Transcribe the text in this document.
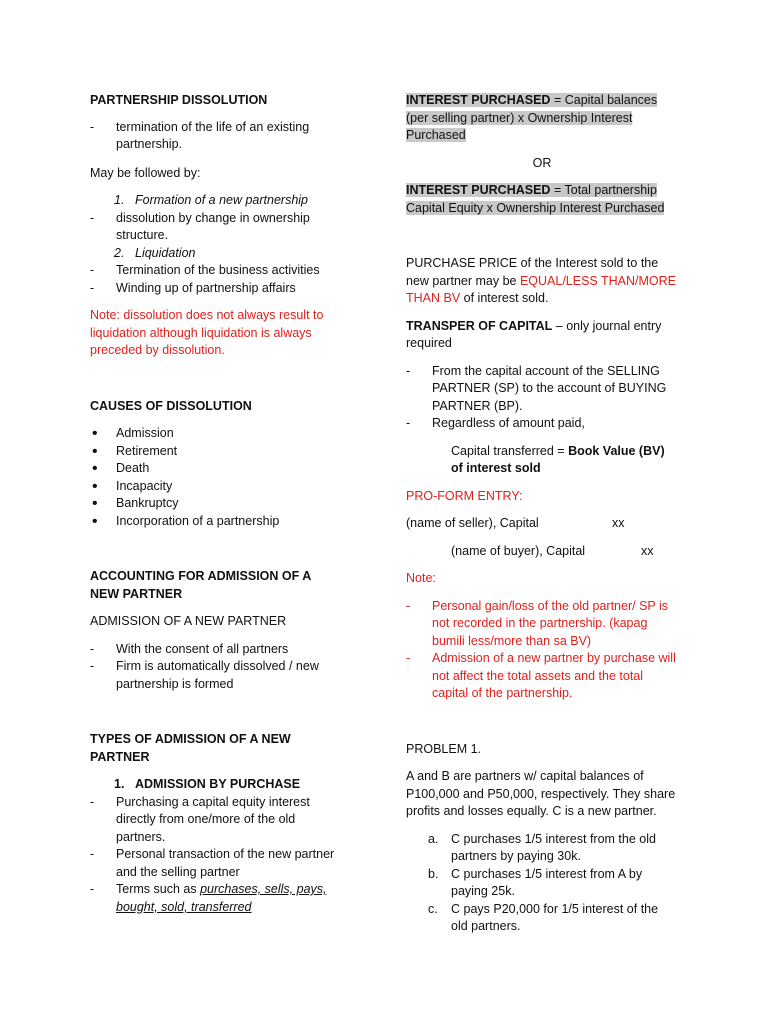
PARTNERSHIP DISSOLUTION

- termination of the life of an existing partnership.

May be followed by:

1. Formation of a new partnership
- dissolution by change in ownership structure.
2. Liquidation
- Termination of the business activities
- Winding up of partnership affairs

Note: dissolution does not always result to liquidation although liquidation is always preceded by dissolution.

CAUSES OF DISSOLUTION

• Admission
• Retirement
• Death
• Incapacity
• Bankruptcy
• Incorporation of a partnership

ACCOUNTING FOR ADMISSION OF A NEW PARTNER

ADMISSION OF A NEW PARTNER

- With the consent of all partners
- Firm is automatically dissolved / new partnership is formed

TYPES OF ADMISSION OF A NEW PARTNER

1. ADMISSION BY PURCHASE
- Purchasing a capital equity interest directly from one/more of the old partners.
- Personal transaction of the new partner and the selling partner
- Terms such as purchases, sells, pays, bought, sold, transferred

INTEREST PURCHASED = Capital balances (per selling partner) x Ownership Interest Purchased

OR

INTEREST PURCHASED = Total partnership Capital Equity x Ownership Interest Purchased

PURCHASE PRICE of the Interest sold to the new partner may be EQUAL/LESS THAN/MORE THAN BV of interest sold.

TRANSPER OF CAPITAL – only journal entry required

- From the capital account of the SELLING PARTNER (SP) to the account of BUYING PARTNER (BP).
- Regardless of amount paid,

Capital transferred = Book Value (BV) of interest sold

PRO-FORM ENTRY:

(name of seller), Capital	xx
(name of buyer), Capital	xx

Note:

- Personal gain/loss of the old partner/ SP is not recorded in the partnership. (kapag bumili less/more than sa BV)
- Admission of a new partner by purchase will not affect the total assets and the total capital of the partnership.

PROBLEM 1.

A and B are partners w/ capital balances of P100,000 and P50,000, respectively. They share profits and losses equally. C is a new partner.

a. C purchases 1/5 interest from the old partners by paying 30k.
b. C purchases 1/5 interest from A by paying 25k.
c. C pays P20,000 for 1/5 interest of the old partners.
